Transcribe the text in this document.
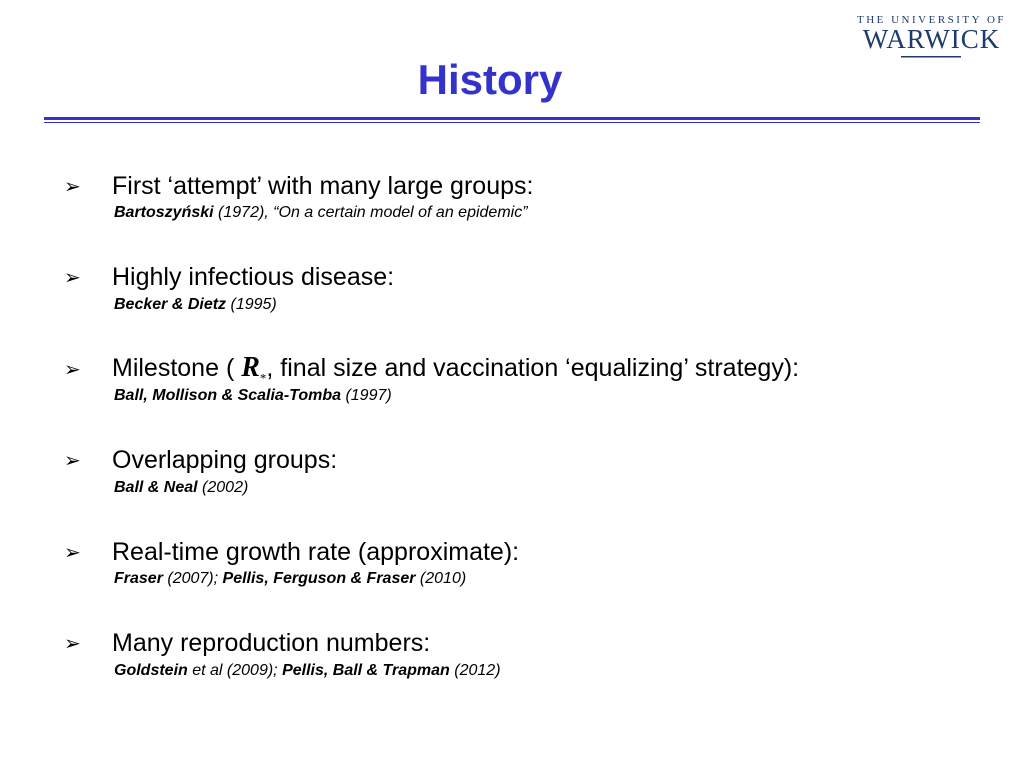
THE UNIVERSITY OF
WARWICK
History
➢	First ‘attempt’ with many large groups:
Bartoszyński (1972), “On a certain model of an epidemic”
➢	Highly infectious disease:
Becker & Dietz (1995)
➢	Milestone ( $R_*$, final size and vaccination ‘equalizing’ strategy):
Ball, Mollison & Scalia-Tomba (1997)
➢	Overlapping groups:
Ball & Neal (2002)
➢	Real-time growth rate (approximate):
Fraser (2007); Pellis, Ferguson & Fraser (2010)
➢	Many reproduction numbers:
Goldstein et al (2009); Pellis, Ball & Trapman (2012)
